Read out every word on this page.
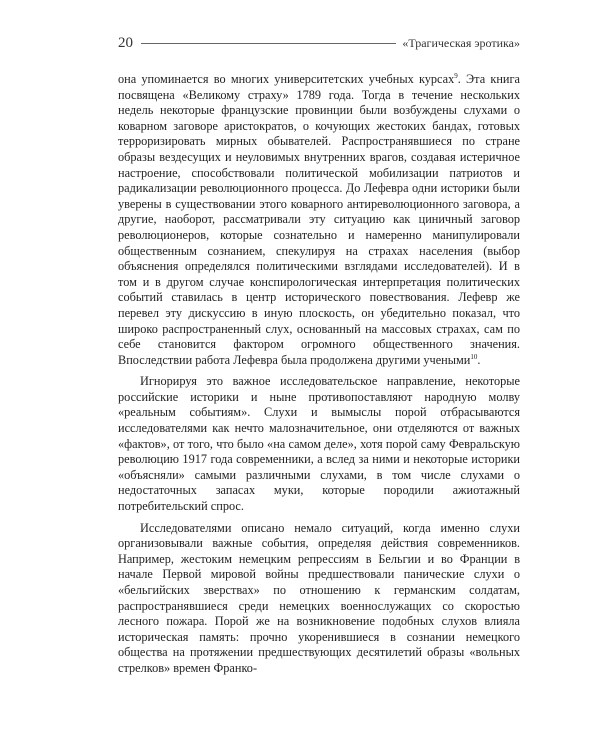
20	«Трагическая эротика»

она упоминается во многих университетских учебных курсах$^9$. Эта книга посвящена «Великому страху» 1789 года. Тогда в течение нескольких недель некоторые французские провинции были возбуждены слухами о коварном заговоре аристократов, о кочующих жестоких бандах, готовых терроризировать мирных обывателей. Распространявшиеся по стране образы вездесущих и неуловимых внутренних врагов, создавая истеричное настроение, способствовали политической мобилизации патриотов и радикализации революционного процесса. До Лефевра одни историки были уверены в существовании этого коварного антиреволюционного заговора, а другие, наоборот, рассматривали эту ситуацию как циничный заговор революционеров, которые сознательно и намеренно манипулировали общественным сознанием, спекулируя на страхах населения (выбор объяснения определялся политическими взглядами исследователей). И в том и в другом случае конспирологическая интерпретация политических событий ставилась в центр исторического повествования. Лефевр же перевел эту дискуссию в иную плоскость, он убедительно показал, что широко распространенный слух, основанный на массовых страхах, сам по себе становится фактором огромного общественного значения. Впоследствии работа Лефевра была продолжена другими учеными$^{10}$.

Игнорируя это важное исследовательское направление, некоторые российские историки и ныне противопоставляют народную молву «реальным событиям». Слухи и вымыслы порой отбрасываются исследователями как нечто малозначительное, они отделяются от важных «фактов», от того, что было «на самом деле», хотя порой саму Февральскую революцию 1917 года современники, а вслед за ними и некоторые историки «объясняли» самыми различными слухами, в том числе слухами о недостаточных запасах муки, которые породили ажиотажный потребительский спрос.

Исследователями описано немало ситуаций, когда именно слухи организовывали важные события, определяя действия современников. Например, жестоким немецким репрессиям в Бельгии и во Франции в начале Первой мировой войны предшествовали панические слухи о «бельгийских зверствах» по отношению к германским солдатам, распространявшиеся среди немецких военнослужащих со скоростью лесного пожара. Порой же на возникновение подобных слухов влияла историческая память: прочно укоренившиеся в сознании немецкого общества на протяжении предшествующих десятилетий образы «вольных стрелков» времен Франко-
